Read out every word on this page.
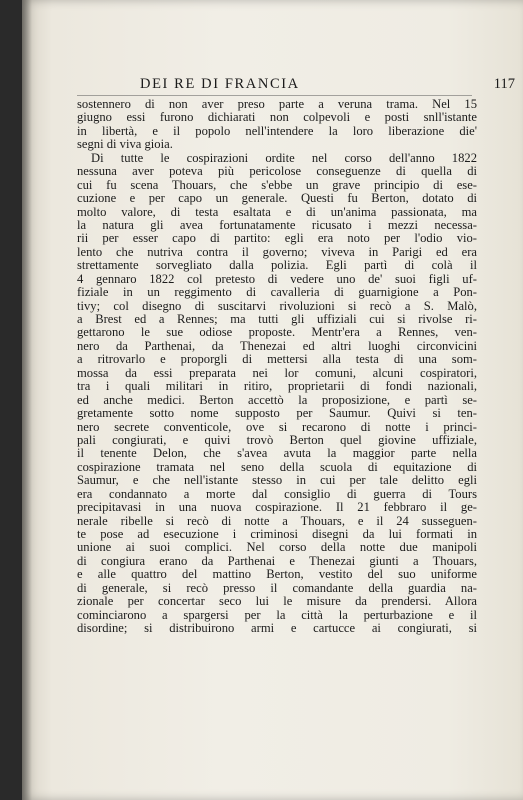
DEI RE DI FRANCIA	117
sostennero di non aver preso parte a veruna trama. Nel 15
giugno essi furono dichiarati non colpevoli e posti snll'istante
in libertà, e il popolo nell'intendere la loro liberazione die'
segni di viva gioia.
Di tutte le cospirazioni ordite nel corso dell'anno 1822
nessuna aver poteva più pericolose conseguenze di quella di
cui fu scena Thouars, che s'ebbe un grave principio di ese-
cuzione e per capo un generale. Questi fu Berton, dotato di
molto valore, di testa esaltata e di un'anima passionata, ma
la natura gli avea fortunatamente ricusato i mezzi necessa-
rii per esser capo di partito: egli era noto per l'odio vio-
lento che nutriva contra il governo; viveva in Parigi ed era
strettamente sorvegliato dalla polizia. Egli partì di colà il
4 gennaro 1822 col pretesto di vedere uno de' suoi figli uf-
fiziale in un reggimento di cavalleria di guarnigione a Pon-
tivy; col disegno di suscitarvi rivoluzioni si recò a S. Malò,
a Brest ed a Rennes; ma tutti gli uffiziali cui si rivolse ri-
gettarono le sue odiose proposte. Mentr'era a Rennes, ven-
nero da Parthenai, da Thenezai ed altri luoghi circonvicini
a ritrovarlo e proporgli di mettersi alla testa di una som-
mossa da essi preparata nei lor comuni, alcuni cospiratori,
tra i quali militari in ritiro, proprietarii di fondi nazionali,
ed anche medici. Berton accettò la proposizione, e partì se-
gretamente sotto nome supposto per Saumur. Quivi si ten-
nero secrete conventicole, ove si recarono di notte i princi-
pali congiurati, e quivi trovò Berton quel giovine uffiziale,
il tenente Delon, che s'avea avuta la maggior parte nella
cospirazione tramata nel seno della scuola di equitazione di
Saumur, e che nell'istante stesso in cui per tale delitto egli
era condannato a morte dal consiglio di guerra di Tours
precipitavasi in una nuova cospirazione. Il 21 febbraro il ge-
nerale ribelle si recò di notte a Thouars, e il 24 susseguen-
te pose ad esecuzione i criminosi disegni da lui formati in
unione ai suoi complici. Nel corso della notte due manipoli
di congiura erano da Parthenai e Thenezai giunti a Thouars,
e alle quattro del mattino Berton, vestito del suo uniforme
di generale, si recò presso il comandante della guardia na-
zionale per concertar seco lui le misure da prendersi. Allora
cominciarono a spargersi per la città la perturbazione e il
disordine; si distribuirono armi e cartucce ai congiurati, si
